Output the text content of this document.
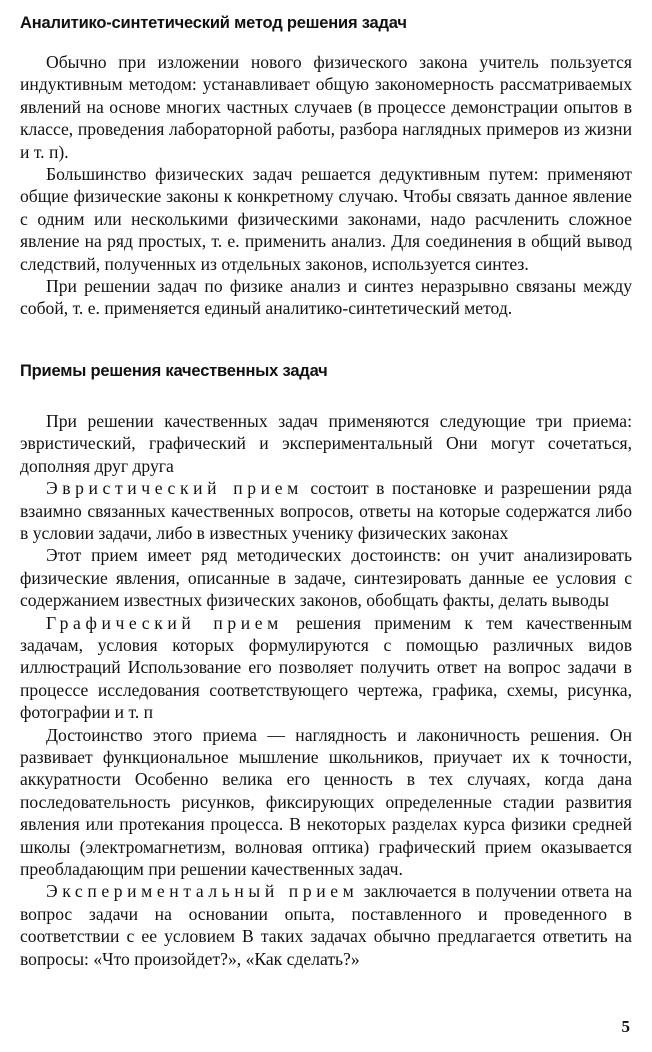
Аналитико-синтетический метод решения задач

Обычно при изложении нового физического закона учитель пользуется индуктивным методом: устанавливает общую закономерность рассматриваемых явлений на основе многих частных случаев (в процессе демонстрации опытов в классе, проведения лабораторной работы, разбора наглядных примеров из жизни и т. п).

Большинство физических задач решается дедуктивным путем: применяют общие физические законы к конкретному случаю. Чтобы связать данное явление с одним или несколькими физическими законами, надо расчленить сложное явление на ряд простых, т. е. применить анализ. Для соединения в общий вывод следствий, полученных из отдельных законов, используется синтез.

При решении задач по физике анализ и синтез неразрывно связаны между собой, т. е. применяется единый аналитико-синтетический метод.

Приемы решения качественных задач

При решении качественных задач применяются следующие три приема: эвристический, графический и экспериментальный Они могут сочетаться, дополняя друг друга

Эвристический прием состоит в постановке и разрешении ряда взаимно связанных качественных вопросов, ответы на которые содержатся либо в условии задачи, либо в известных ученику физических законах

Этот прием имеет ряд методических достоинств: он учит анализировать физические явления, описанные в задаче, синтезировать данные ее условия с содержанием известных физических законов, обобщать факты, делать выводы

Графический прием решения применим к тем качественным задачам, условия которых формулируются с помощью различных видов иллюстраций Использование его позволяет получить ответ на вопрос задачи в процессе исследования соответствующего чертежа, графика, схемы, рисунка, фотографии и т. п

Достоинство этого приема — наглядность и лаконичность решения. Он развивает функциональное мышление школьников, приучает их к точности, аккуратности Особенно велика его ценность в тех случаях, когда дана последовательность рисунков, фиксирующих определенные стадии развития явления или протекания процесса. В некоторых разделах курса физики средней школы (электромагнетизм, волновая оптика) графический прием оказывается преобладающим при решении качественных задач.

Экспериментальный прием заключается в получении ответа на вопрос задачи на основании опыта, поставленного и проведенного в соответствии с ее условием В таких задачах обычно предлагается ответить на вопросы: «Что произойдет?», «Как сделать?»

5
